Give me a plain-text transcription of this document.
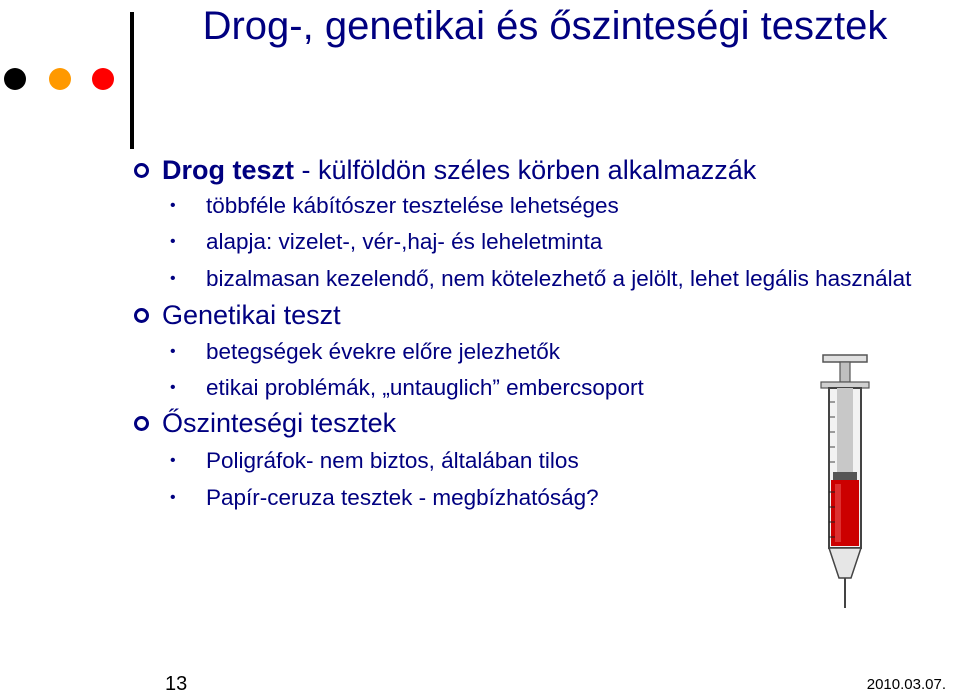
Drog-, genetikai és őszinteségi tesztek
Drog teszt - külföldön széles körben alkalmazzák
• többféle kábítószer tesztelése lehetséges
• alapja: vizelet-, vér-,haj- és leheletminta
• bizalmasan kezelendő, nem kötelezhető a jelölt, lehet legális használat
Genetikai teszt
• betegségek évekre előre jelezhetők
• etikai problémák, „untauglich” embercsoport
Őszinteségi tesztek
• Poligráfok- nem biztos, általában tilos
• Papír-ceruza tesztek - megbízhatóság?
13	2010.03.07.
